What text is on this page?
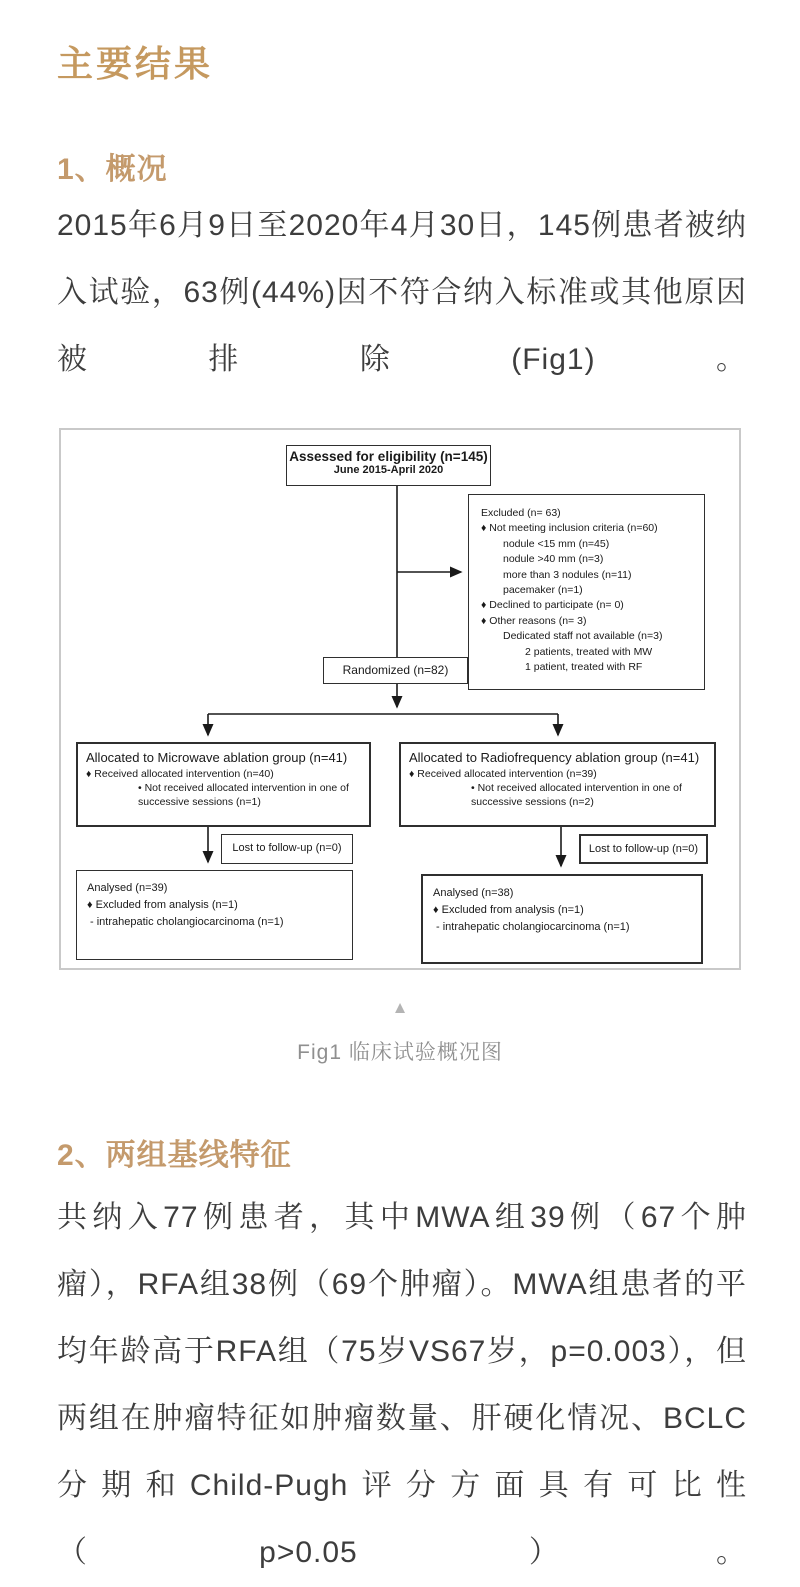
主要结果
1、概况
2015年6月9日至2020年4月30日，145例患者被纳入试验，63例(44%)因不符合纳入标准或其他原因被排除(Fig1)。
Assessed for eligibility (n=145)
June 2015-April 2020
Excluded (n= 63)
♦ Not meeting inclusion criteria (n=60)
nodule <15 mm (n=45)
nodule >40 mm (n=3)
more than 3 nodules (n=11)
pacemaker (n=1)
♦ Declined to participate (n= 0)
♦ Other reasons (n= 3)
Dedicated staff not available (n=3)
2 patients, treated with MW
1 patient, treated with RF
Randomized (n=82)
Allocated to Microwave ablation group (n=41)
♦ Received allocated intervention (n=40)
• Not received allocated intervention in one of successive sessions (n=1)
Allocated to Radiofrequency ablation group (n=41)
♦ Received allocated intervention (n=39)
• Not received allocated intervention in one of successive sessions (n=2)
Lost to follow-up (n=0)	Lost to follow-up (n=0)
Analysed (n=39)
♦ Excluded from analysis (n=1)
- intrahepatic cholangiocarcinoma (n=1)
Analysed (n=38)
♦ Excluded from analysis (n=1)
- intrahepatic cholangiocarcinoma (n=1)
▲
Fig1 临床试验概况图
2、两组基线特征
共纳入77例患者，其中MWA组39例（67个肿瘤），RFA组38例（69个肿瘤）。MWA组患者的平均年龄高于RFA组（75岁VS67岁，p=0.003），但两组在肿瘤特征如肿瘤数量、肝硬化情况、BCLC分期和Child-Pugh评分方面具有可比性（p>0.05）。
